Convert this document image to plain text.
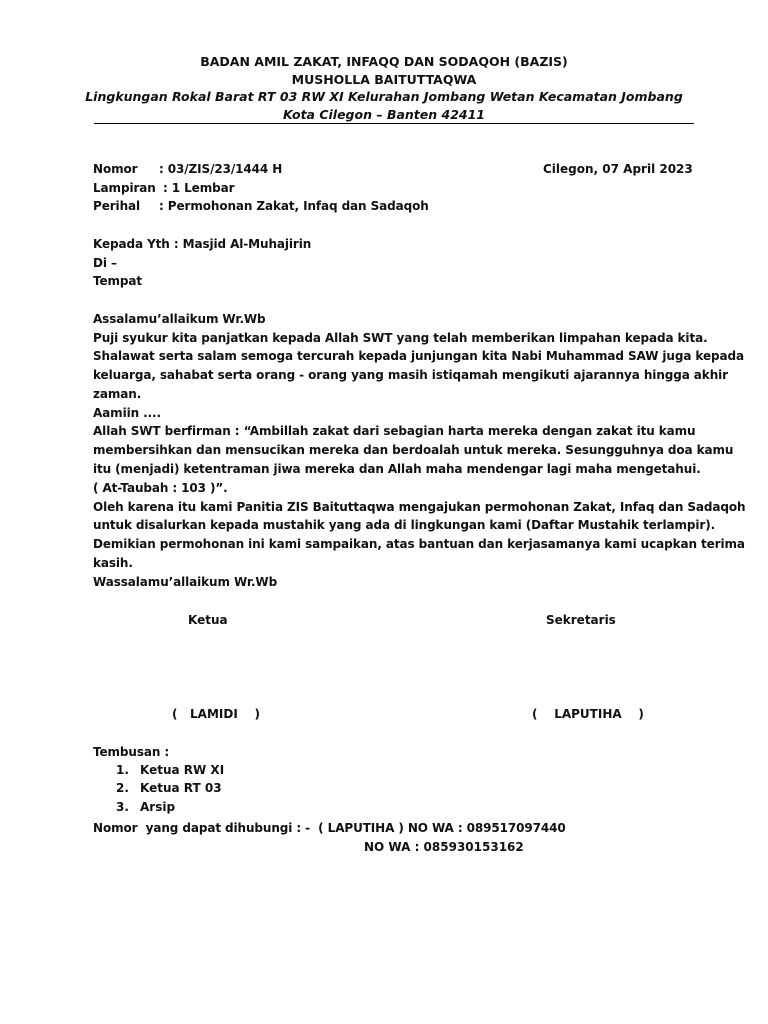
BADAN AMIL ZAKAT, INFAQQ DAN SODAQOH (BAZIS)
MUSHOLLA BAITUTTAQWA
Lingkungan Rokal Barat RT 03 RW XI Kelurahan Jombang Wetan Kecamatan Jombang
Kota Cilegon – Banten 42411
Nomor : 03/ZIS/23/1444 H	Cilegon, 07 April 2023
Lampiran : 1 Lembar
Perihal : Permohonan Zakat, Infaq dan Sadaqoh
Kepada Yth : Masjid Al-Muhajirin
Di –
Tempat
Assalamu’allaikum Wr.Wb
Puji syukur kita panjatkan kepada Allah SWT yang telah memberikan limpahan kepada kita.
Shalawat serta salam semoga tercurah kepada junjungan kita Nabi Muhammad SAW juga kepada
keluarga, sahabat serta orang - orang yang masih istiqamah mengikuti ajarannya hingga akhir
zaman.
Aamiin ....
Allah SWT berfirman : “Ambillah zakat dari sebagian harta mereka dengan zakat itu kamu
membersihkan dan mensucikan mereka dan berdoalah untuk mereka. Sesungguhnya doa kamu
itu (menjadi) ketentraman jiwa mereka dan Allah maha mendengar lagi maha mengetahui.
( At-Taubah : 103 )”.
Oleh karena itu kami Panitia ZIS Baituttaqwa mengajukan permohonan Zakat, Infaq dan Sadaqoh
untuk disalurkan kepada mustahik yang ada di lingkungan kami (Daftar Mustahik terlampir).
Demikian permohonan ini kami sampaikan, atas bantuan dan kerjasamanya kami ucapkan terima
kasih.
Wassalamu’allaikum Wr.Wb
Ketua	Sekretaris
(   LAMIDI    )	(    LAPUTIHA    )
Tembusan :
1. Ketua RW XI
2. Ketua RT 03
3. Arsip
Nomor  yang dapat dihubungi : -  ( LAPUTIHA ) NO WA : 089517097440
NO WA : 085930153162
